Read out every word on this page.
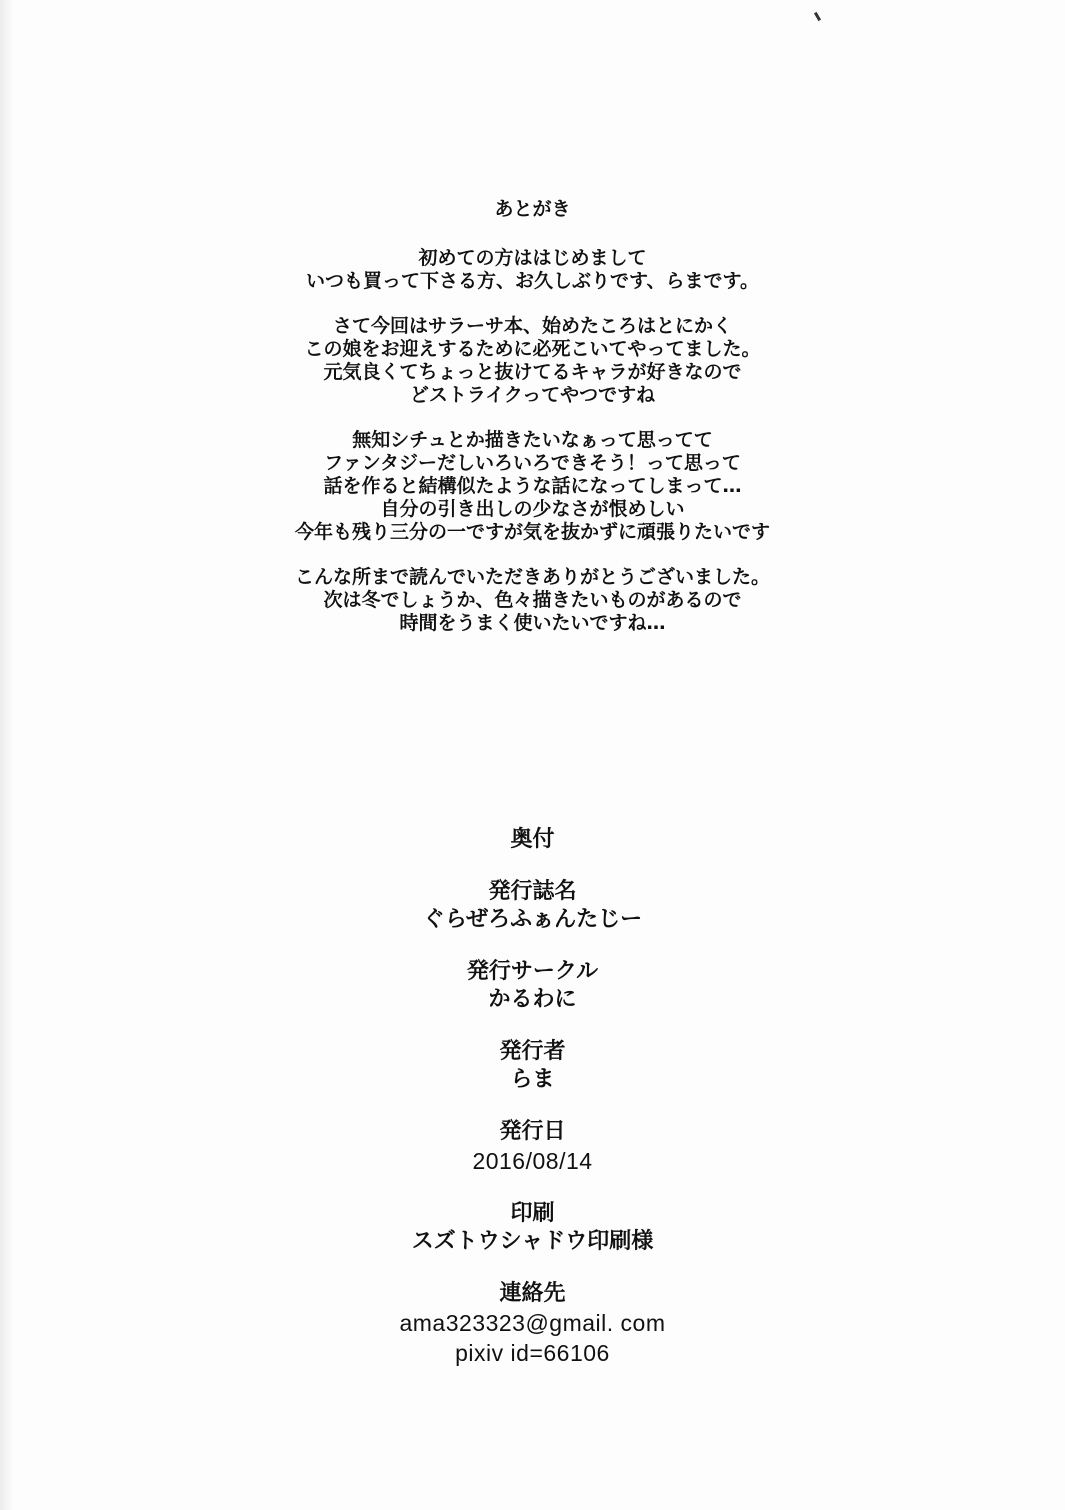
あとがき
初めての方ははじめまして
いつも買って下さる方、お久しぶりです、らまです。
さて今回はサラーサ本、始めたころはとにかく
この娘をお迎えするために必死こいてやってました。
元気良くてちょっと抜けてるキャラが好きなので
どストライクってやつですね
無知シチュとか描きたいなぁって思ってて
ファンタジーだしいろいろできそう！って思って
話を作ると結構似たような話になってしまって…
自分の引き出しの少なさが恨めしい
今年も残り三分の一ですが気を抜かずに頑張りたいです
こんな所まで読んでいただきありがとうございました。
次は冬でしょうか、色々描きたいものがあるので
時間をうまく使いたいですね…
奥付
発行誌名
ぐらぜろふぁんたじー
発行サークル
かるわに
発行者
らま
発行日
2016/08/14
印刷
スズトウシャドウ印刷様
連絡先
ama323323@gmail. com
pixiv id=66106
